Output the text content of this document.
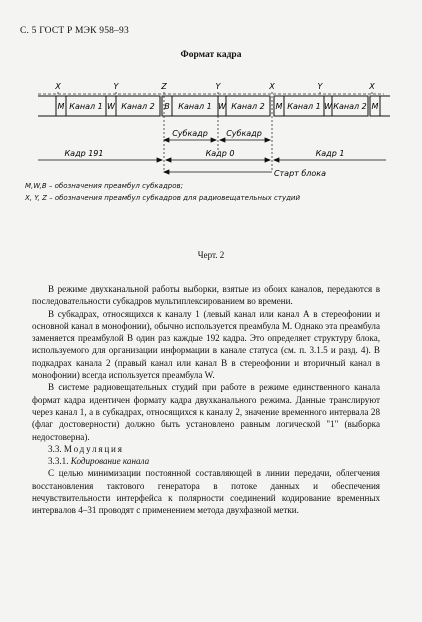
С. 5 ГОСТ Р МЭК 958–93
Формат кадра
X	Y	Z	Y	X	Y	X
M Канал 1 W Канал 2 В Канал 1 W Канал 2 M Канал 1 W Канал 2 M
Субкадр Субкадр
Кадр 191	Кадр 0	Кадр 1
Старт блока
M,W,B – обозначения преамбул субкадров;
X, Y, Z – обозначения преамбул субкадров для радиовещательных студий
Черт. 2

В режиме двухканальной работы выборки, взятые из обоих каналов, передаются в последовательности субкадров мультиплексированием во времени.

В субкадрах, относящихся к каналу 1 (левый канал или канал А в стереофонии и основной канал в монофонии), обычно используется преамбула М. Однако эта преамбула заменяется преамбулой В один раз каждые 192 кадра. Это определяет структуру блока, используемого для организации информации в канале статуса (см. п. 3.1.5 и разд. 4). В подкадрах канала 2 (правый канал или канал В в стереофонии и вторичный канал в монофонии) всегда используется преамбула W.

В системе радиовещательных студий при работе в режиме единственного канала формат кадра идентичен формату кадра двухканального режима. Данные транслируют через канал 1, а в субкадрах, относящихся к каналу 2, значение временного интервала 28 (флаг достоверности) должно быть установлено равным логической "1" (выборка недостоверна).

3.3. Модуляция

3.3.1. Кодирование канала

С целью минимизации постоянной составляющей в линии передачи, облегчения восстановления тактового генератора в потоке данных и обеспечения нечувствительности интерфейса к полярности соединений кодирование временных интервалов 4–31 проводят с применением метода двухфазной метки.
